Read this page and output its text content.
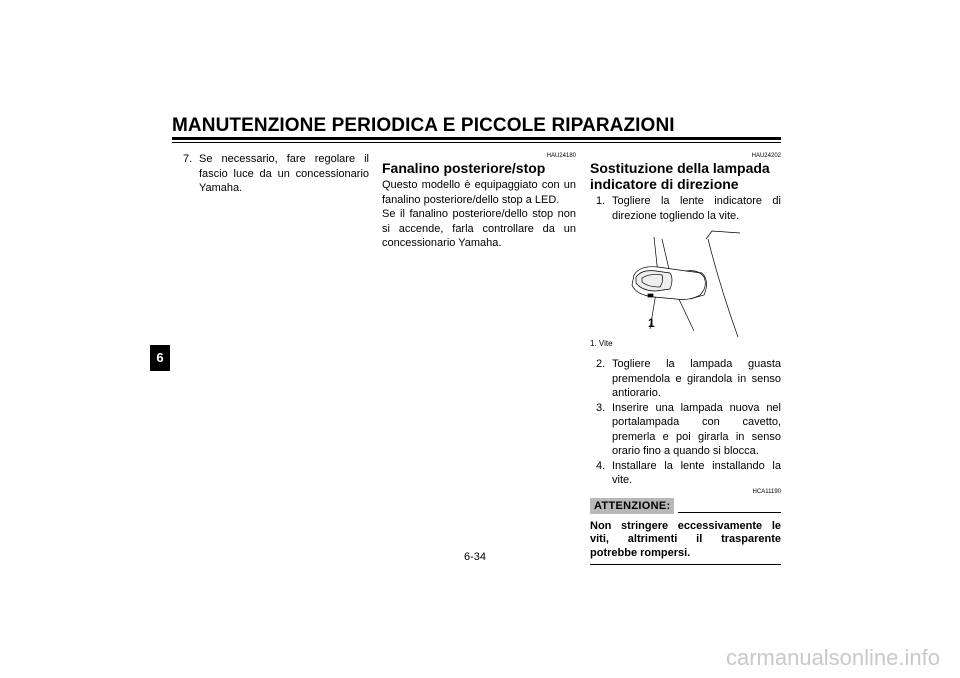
MANUTENZIONE PERIODICA E PICCOLE RIPARAZIONI
6
7. Se necessario, fare regolare il fascio luce da un concessionario Yamaha.
HAU24180
Fanalino posteriore/stop

Questo modello è equipaggiato con un fanalino posteriore/dello stop a LED.

Se il fanalino posteriore/dello stop non si accende, farla controllare da un concessionario Yamaha.

HAU24202
Sostituzione della lampada indicatore di direzione
1. Togliere la lente indicatore di direzione togliendo la vite.
1
1. Vite
2. Togliere la lampada guasta premendola e girandola in senso antiorario.
3. Inserire una lampada nuova nel portalampada con cavetto, premerla e poi girarla in senso orario fino a quando si blocca.
4. Installare la lente installando la vite.
HCA11190
ATTENZIONE:
Non stringere eccessivamente le viti, altrimenti il trasparente potrebbe rompersi.
6-34
carmanualsonline.info
